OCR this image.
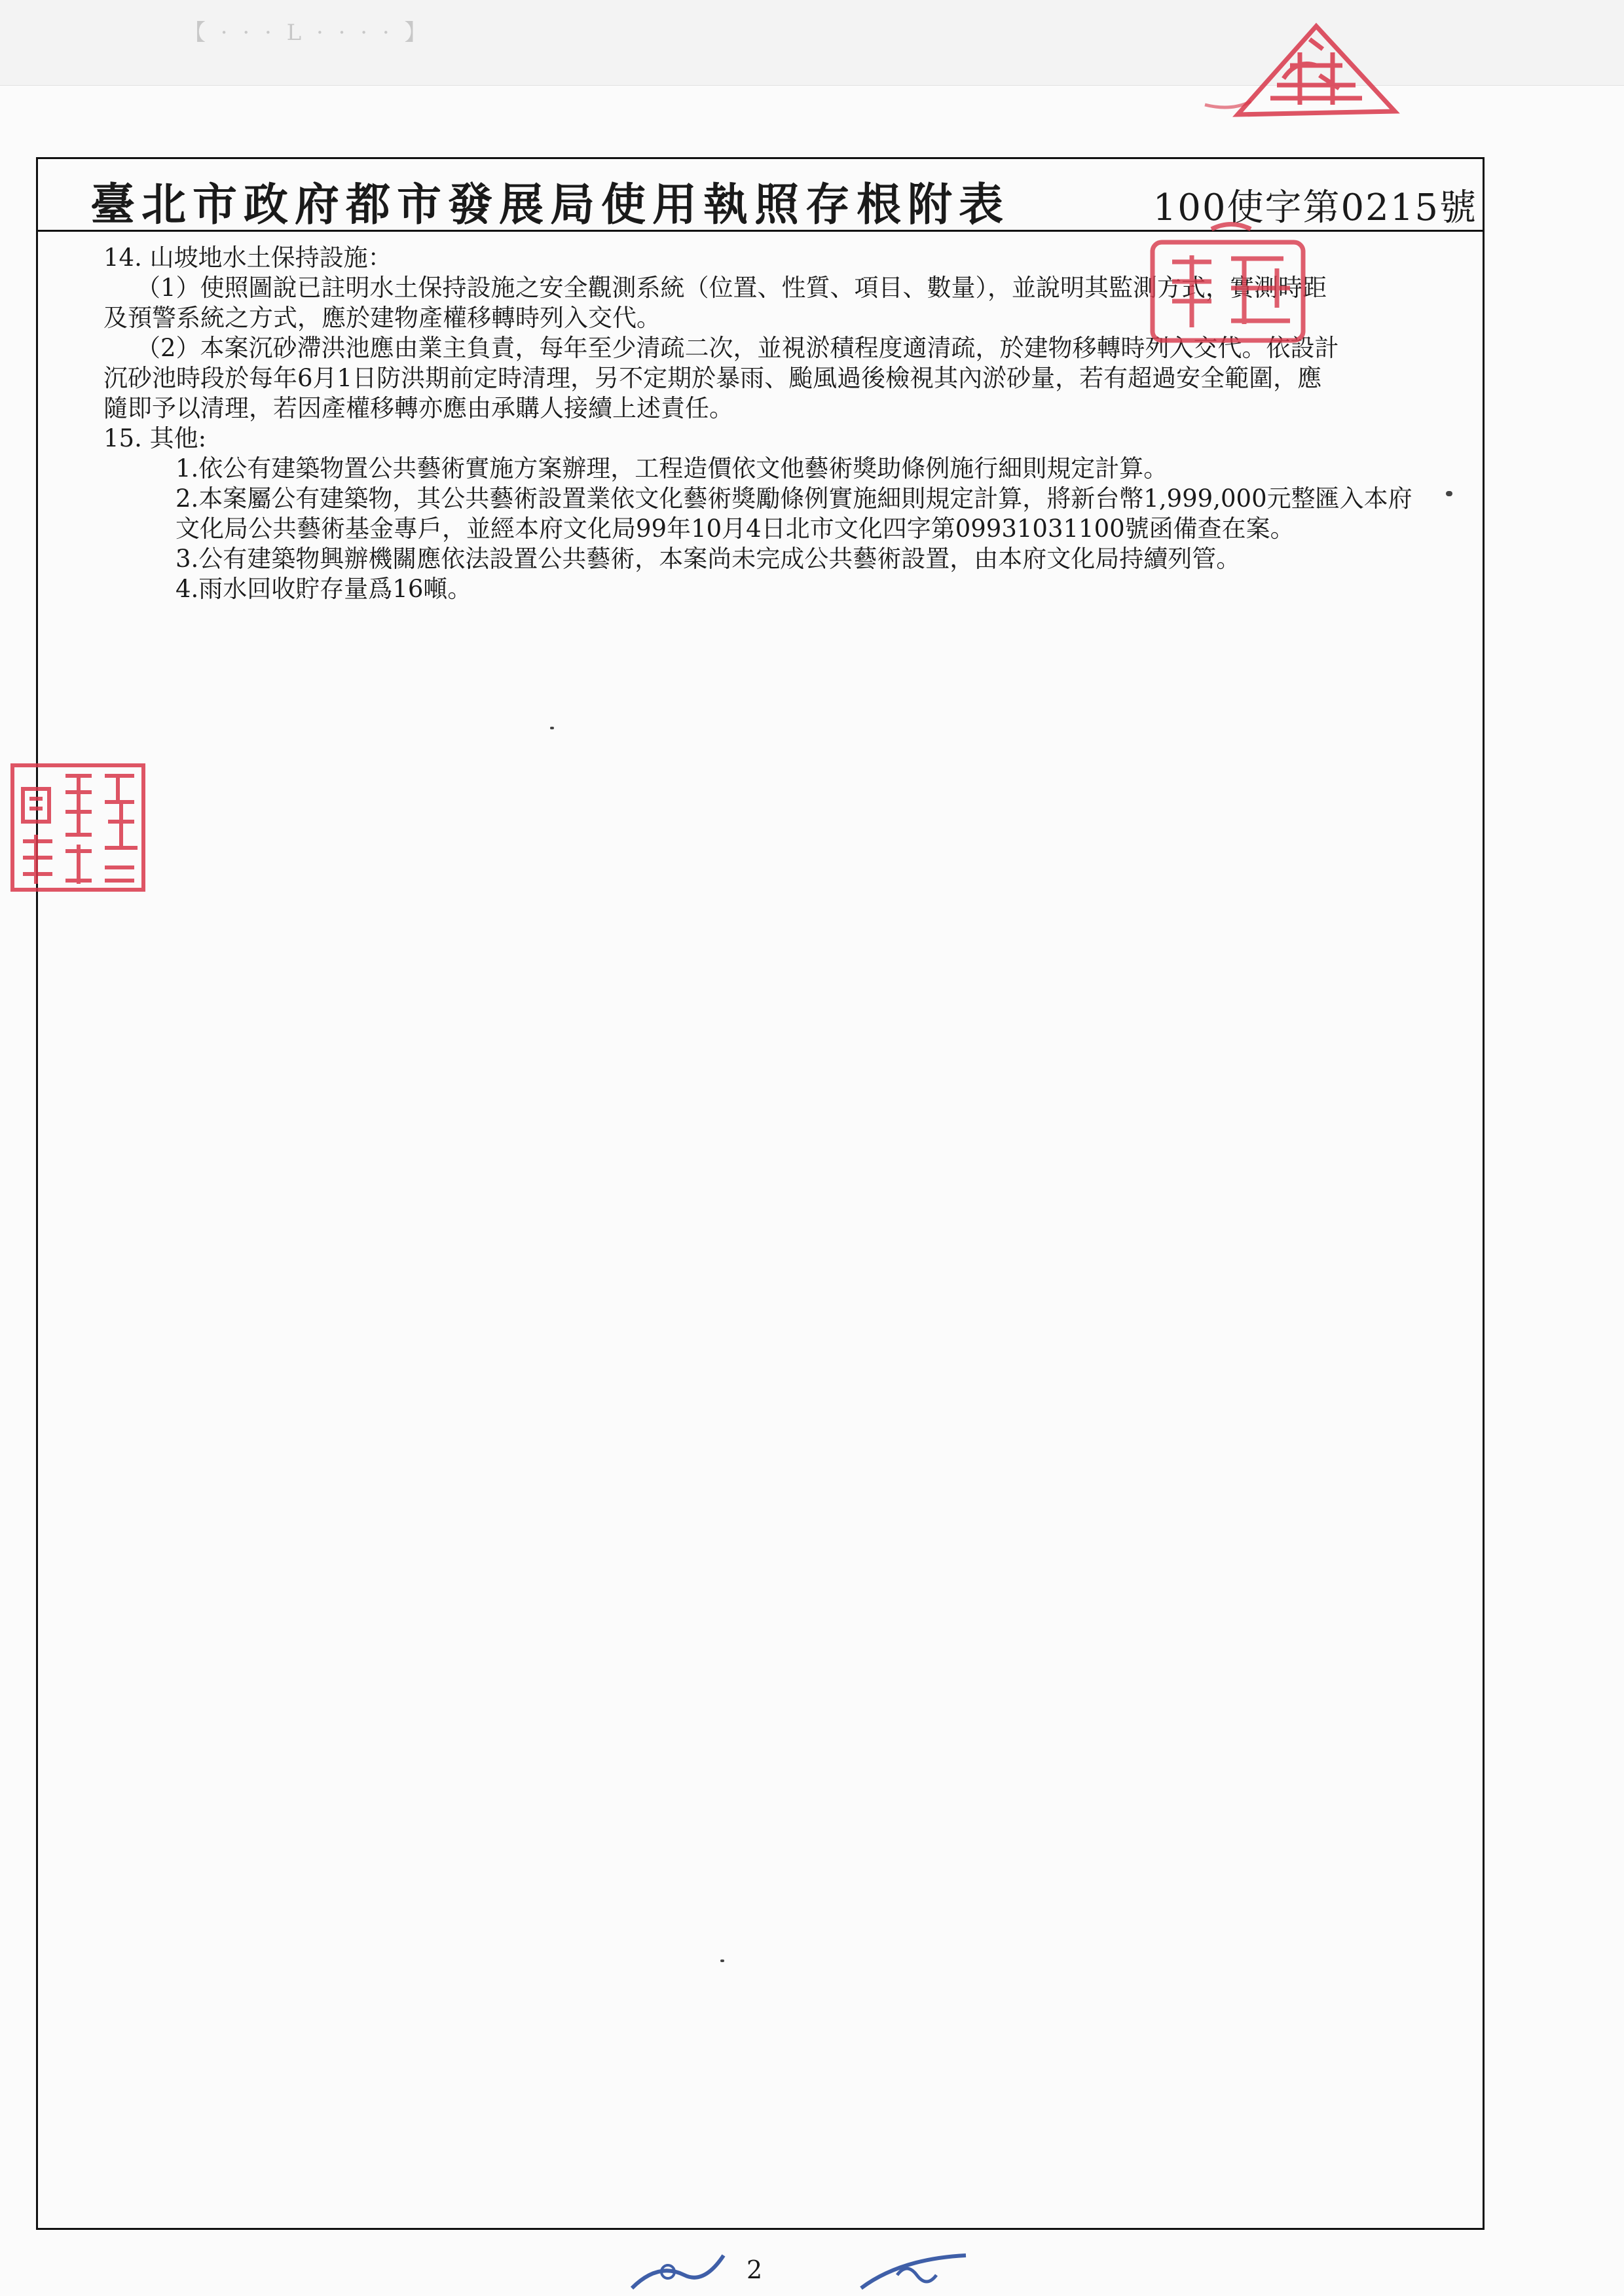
【 · · · L · · · · 】
臺北市政府都市發展局使用執照存根附表	100使字第0215號

14. 山坡地水土保持設施：

（1）使照圖說已註明水土保持設施之安全觀測系統（位置、性質、項目、數量），並說明其監測方式，實測時距

及預警系統之方式，應於建物產權移轉時列入交代。

（2）本案沉砂滯洪池應由業主負責，每年至少清疏二次，並視淤積程度適清疏，於建物移轉時列入交代。依設計

沉砂池時段於每年6月1日防洪期前定時清理，另不定期於暴雨、颱風過後檢視其內淤砂量，若有超過安全範圍，應

隨即予以清理，若因產權移轉亦應由承購人接續上述責任。

15. 其他:

1.依公有建築物置公共藝術實施方案辦理，工程造價依文他藝術獎助條例施行細則規定計算。

2.本案屬公有建築物，其公共藝術設置業依文化藝術獎勵條例實施細則規定計算，將新台幣1,999,000元整匯入本府

文化局公共藝術基金專戶，並經本府文化局99年10月4日北市文化四字第09931031100號函備查在案。

3.公有建築物興辦機關應依法設置公共藝術，本案尚未完成公共藝術設置，由本府文化局持續列管。

4.雨水回收貯存量爲16噸。

2
